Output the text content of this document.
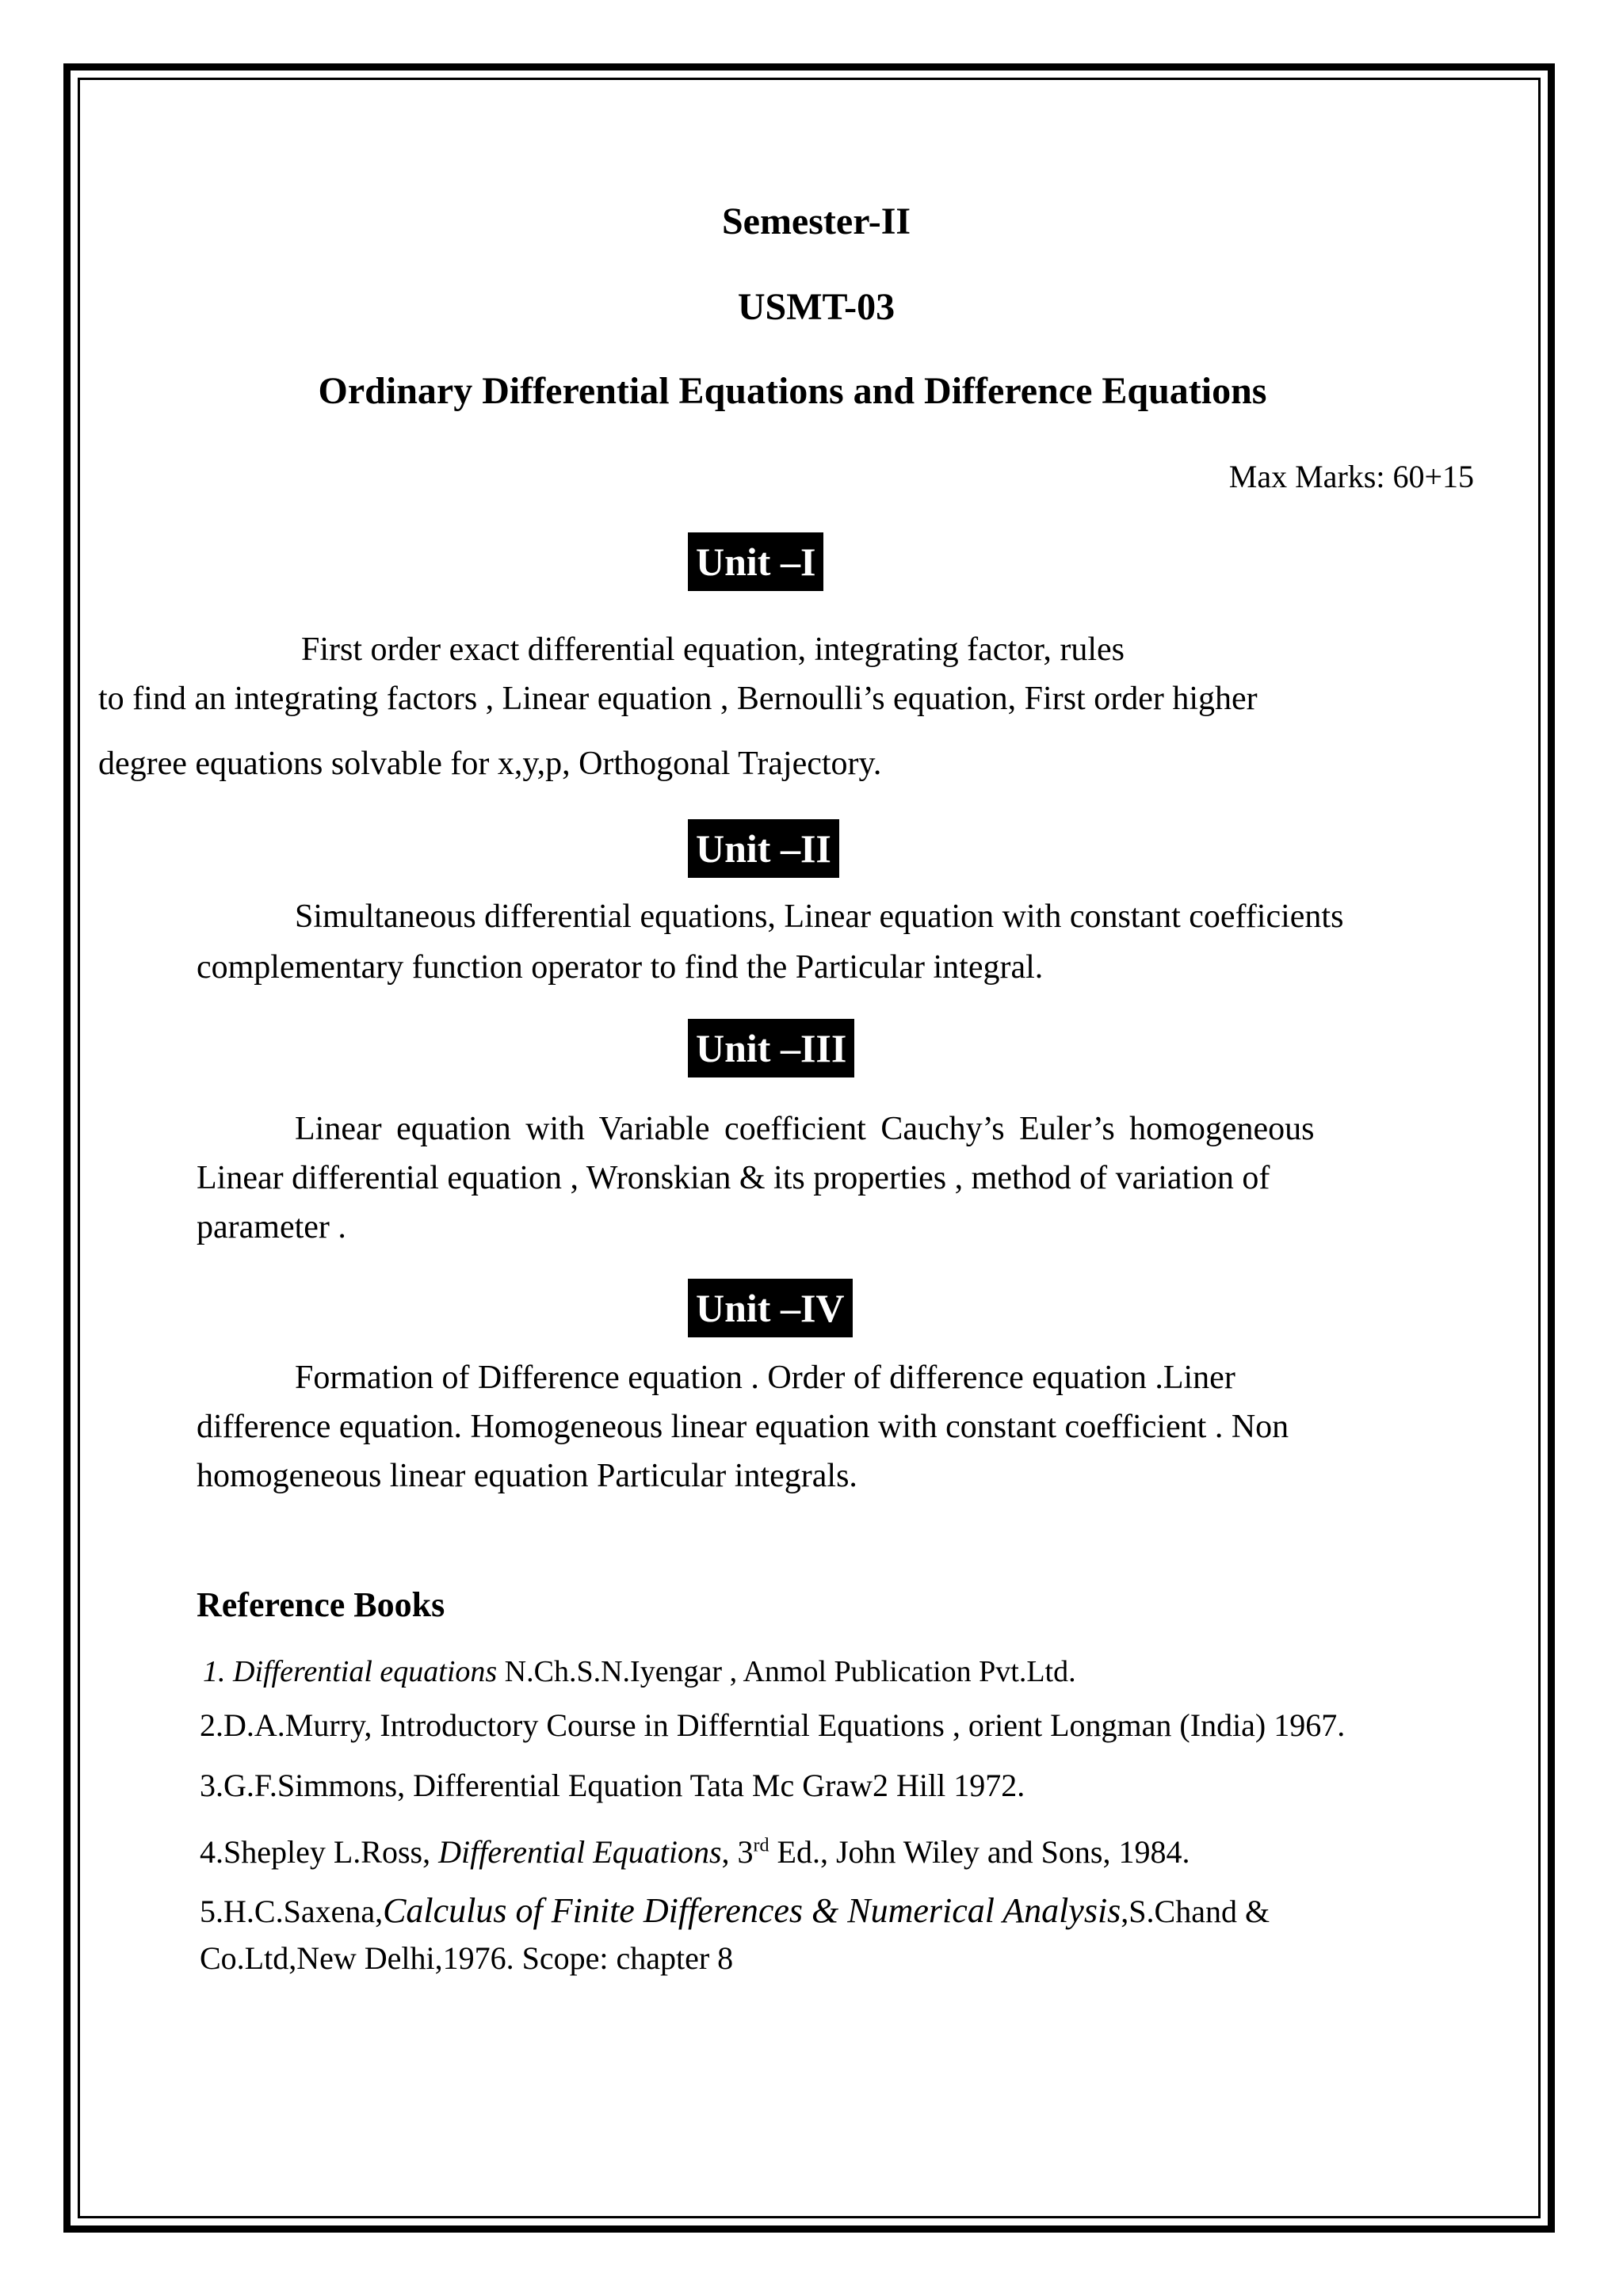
Semester-II
USMT-03
Ordinary Differential Equations and Difference Equations
Max Marks: 60+15
Unit –I
First order exact differential equation, integrating factor, rules
to find an integrating factors , Linear equation , Bernoulli’s equation, First order higher
degree equations solvable for x,y,p, Orthogonal Trajectory.
Unit –II
Simultaneous differential equations, Linear equation with constant coefficients
complementary function operator to find the Particular integral.
Unit –III
Linear equation with Variable coefficient Cauchy’s Euler’s homogeneous
Linear differential equation , Wronskian & its properties , method of variation of
parameter .
Unit –IV
Formation of Difference equation . Order of difference equation .Liner
difference equation. Homogeneous linear equation with constant coefficient . Non
homogeneous linear equation Particular integrals.
Reference Books
1. Differential equations N.Ch.S.N.Iyengar , Anmol Publication Pvt.Ltd.
2.D.A.Murry, Introductory Course in Differntial Equations , orient Longman (India) 1967.
3.G.F.Simmons, Differential Equation Tata Mc Graw2 Hill 1972.
4.Shepley L.Ross, Differential Equations, 3rd Ed., John Wiley and Sons, 1984.
5.H.C.Saxena,Calculus of Finite Differences & Numerical Analysis,S.Chand &
Co.Ltd,New Delhi,1976. Scope: chapter 8
